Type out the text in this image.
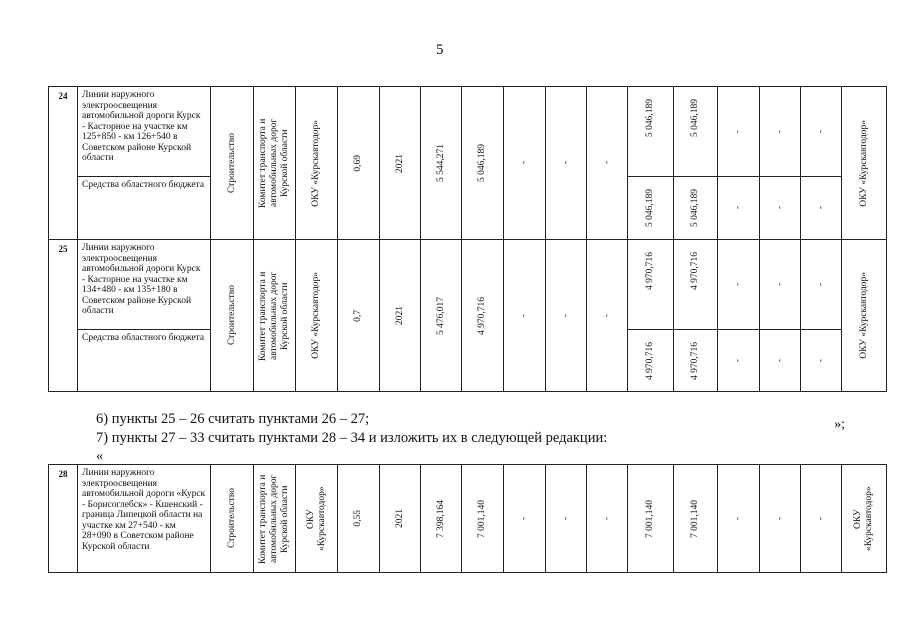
5
24	Линии наружного электроосвещения автомобильной дороги Курск - Касторное на участке км 125+850 - км 126+540 в Советском районе Курской области	Строительство	Комитет транспорта и автомобильных дорог Курской области	ОКУ «Курскавтодор»	0,69	2021	5 544,271	5 046,189	-	-	-	5 046,189	5 046,189	-	-	-	ОКУ «Курскавтодор»

	Средства областного бюджета											5 046,189	5 046,189	-	-	-	

25	Линии наружного электроосвещения автомобильной дороги Курск - Касторное на участке км 134+480 - км 135+180 в Советском районе Курской области	Строительство	Комитет транспорта и автомобильных дорог Курской области	ОКУ «Курскавтодор»	0,7	2021	5 476,017	4 970,716	-	-	-	4 970,716	4 970,716	-	-	-	ОКУ «Курскавтодор»

	Средства областного бюджета											4 970,716	4 970,716	-	-	-	
»;
6) пункты 25 – 26 считать пунктами 26 – 27;
7) пункты 27 – 33 считать пунктами 28 – 34 и изложить их в следующей редакции:
«
28	Линии наружного электроосвещения автомобильной дороги «Курск - Борисоглебск» - Кшенский - граница Липецкой области на участке км 27+540 - км 28+090 в Советском районе Курской области	Строительство	Комитет транспорта и автомобильных дорог Курской области	ОКУ «Курскавтодор»	0,55	2021	7 398,164	7 001,140	-	-	-	7 001,140	7 001,140	-	-	-	ОКУ «Курскавтодор»
